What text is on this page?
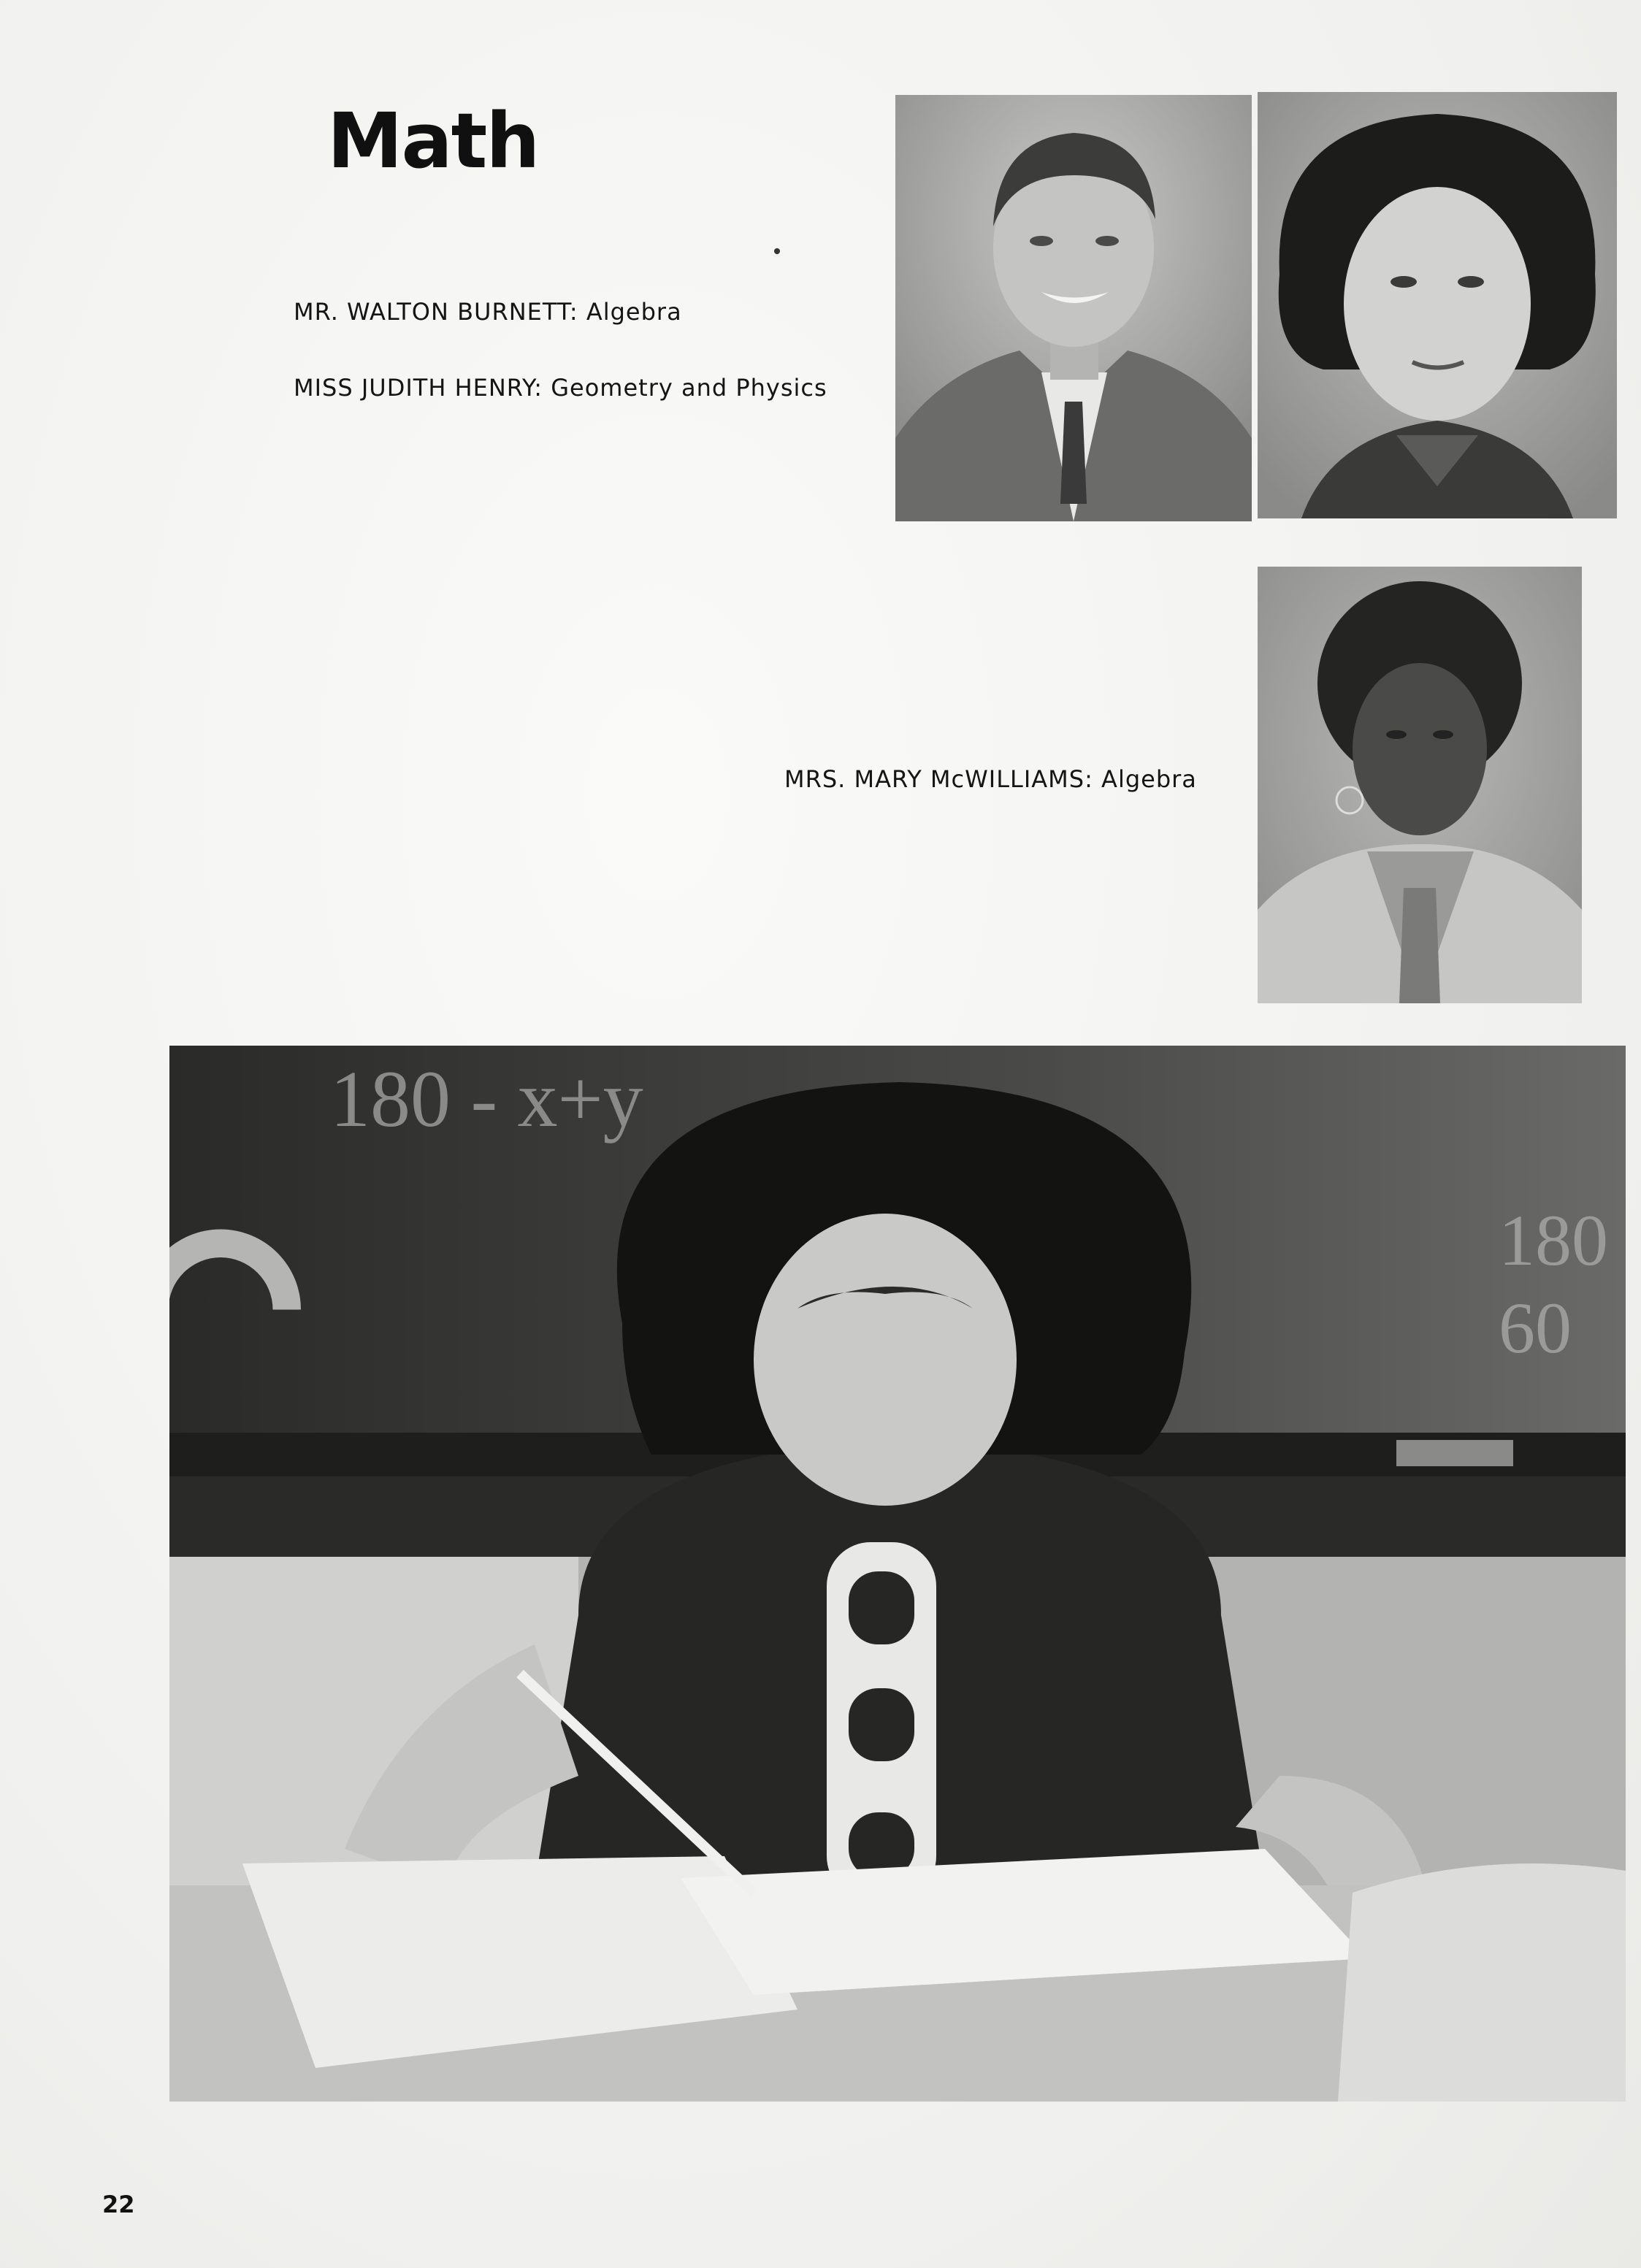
Math
MR. WALTON BURNETT: Algebra
MISS JUDITH HENRY: Geometry and Physics
MRS. MARY McWILLIAMS: Algebra
180 - x+y
60
180
22
